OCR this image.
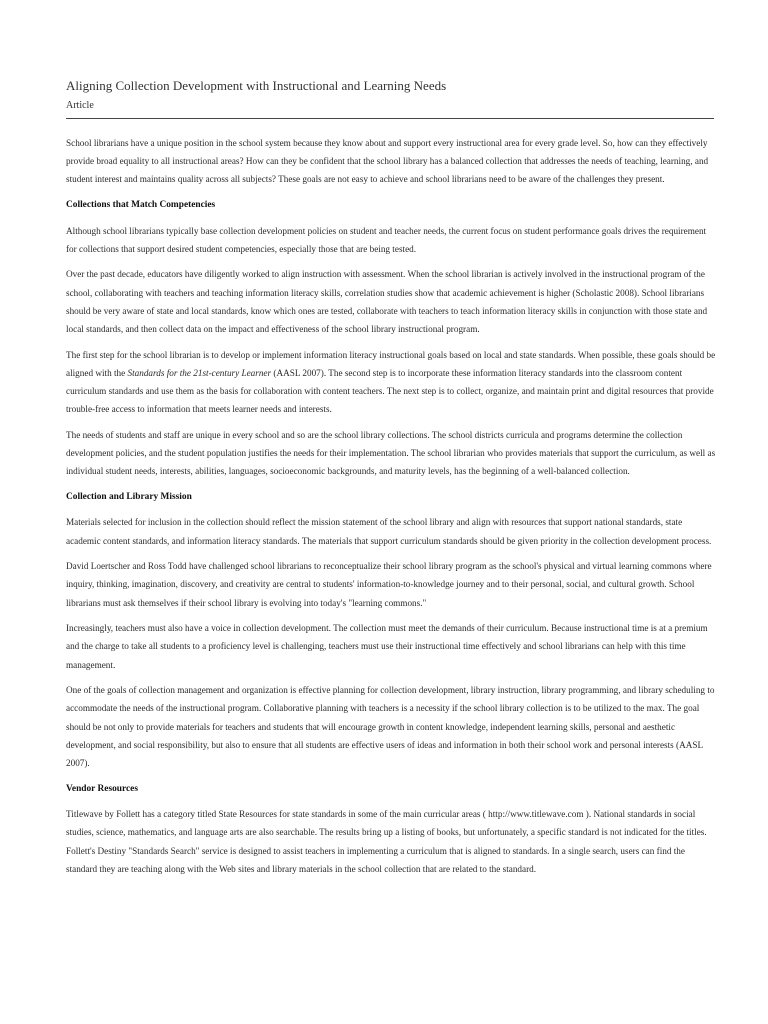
Aligning Collection Development with Instructional and Learning Needs
Article

School librarians have a unique position in the school system because they know about and support every instructional area for every grade level. So, how can they effectively provide broad equality to all instructional areas? How can they be confident that the school library has a balanced collection that addresses the needs of teaching, learning, and student interest and maintains quality across all subjects? These goals are not easy to achieve and school librarians need to be aware of the challenges they present.

Collections that Match Competencies

Although school librarians typically base collection development policies on student and teacher needs, the current focus on student performance goals drives the requirement for collections that support desired student competencies, especially those that are being tested.

Over the past decade, educators have diligently worked to align instruction with assessment. When the school librarian is actively involved in the instructional program of the school, collaborating with teachers and teaching information literacy skills, correlation studies show that academic achievement is higher (Scholastic 2008). School librarians should be very aware of state and local standards, know which ones are tested, collaborate with teachers to teach information literacy skills in conjunction with those state and local standards, and then collect data on the impact and effectiveness of the school library instructional program.

The first step for the school librarian is to develop or implement information literacy instructional goals based on local and state standards. When possible, these goals should be aligned with the Standards for the 21st-century Learner (AASL 2007). The second step is to incorporate these information literacy standards into the classroom content curriculum standards and use them as the basis for collaboration with content teachers. The next step is to collect, organize, and maintain print and digital resources that provide trouble-free access to information that meets learner needs and interests.

The needs of students and staff are unique in every school and so are the school library collections. The school districts curricula and programs determine the collection development policies, and the student population justifies the needs for their implementation. The school librarian who provides materials that support the curriculum, as well as individual student needs, interests, abilities, languages, socioeconomic backgrounds, and maturity levels, has the beginning of a well-balanced collection.

Collection and Library Mission

Materials selected for inclusion in the collection should reflect the mission statement of the school library and align with resources that support national standards, state academic content standards, and information literacy standards. The materials that support curriculum standards should be given priority in the collection development process.

David Loertscher and Ross Todd have challenged school librarians to reconceptualize their school library program as the school's physical and virtual learning commons where inquiry, thinking, imagination, discovery, and creativity are central to students' information-to-knowledge journey and to their personal, social, and cultural growth. School librarians must ask themselves if their school library is evolving into today's "learning commons."

Increasingly, teachers must also have a voice in collection development. The collection must meet the demands of their curriculum. Because instructional time is at a premium and the charge to take all students to a proficiency level is challenging, teachers must use their instructional time effectively and school librarians can help with this time management.

One of the goals of collection management and organization is effective planning for collection development, library instruction, library programming, and library scheduling to accommodate the needs of the instructional program. Collaborative planning with teachers is a necessity if the school library collection is to be utilized to the max. The goal should be not only to provide materials for teachers and students that will encourage growth in content knowledge, independent learning skills, personal and aesthetic development, and social responsibility, but also to ensure that all students are effective users of ideas and information in both their school work and personal interests (AASL 2007).

Vendor Resources

Titlewave by Follett has a category titled State Resources for state standards in some of the main curricular areas ( http://www.titlewave.com ). National standards in social studies, science, mathematics, and language arts are also searchable. The results bring up a listing of books, but unfortunately, a specific standard is not indicated for the titles. Follett's Destiny "Standards Search" service is designed to assist teachers in implementing a curriculum that is aligned to standards. In a single search, users can find the standard they are teaching along with the Web sites and library materials in the school collection that are related to the standard.
